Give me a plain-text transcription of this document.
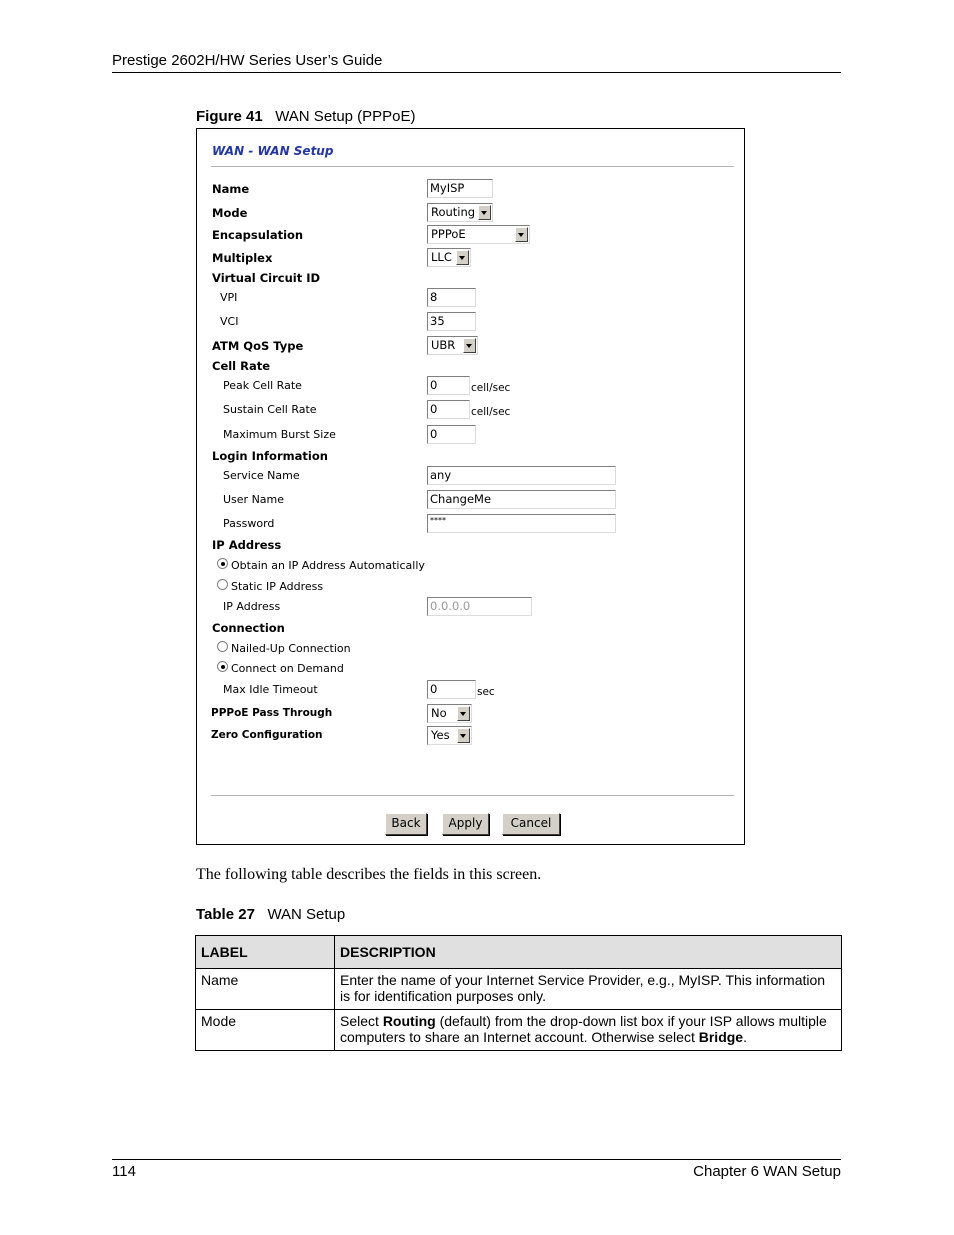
Prestige 2602H/HW Series User’s Guide
Figure 41 WAN Setup (PPPoE)
WAN - WAN Setup
Name	MyISP
Mode	Routing
Encapsulation	PPPoE
Multiplex	LLC
Virtual Circuit ID
VPI	8
VCI	35
ATM QoS Type	UBR
Cell Rate
Peak Cell Rate	0	cell/sec
Sustain Cell Rate	0	cell/sec
Maximum Burst Size	0
Login Information
Service Name	any
User Name	ChangeMe
Password	****
IP Address
Obtain an IP Address Automatically
Static IP Address
IP Address	0.0.0.0
Connection
Nailed-Up Connection
Connect on Demand
Max Idle Timeout	0	sec
PPPoE Pass Through	No
Zero Configuration	Yes
Back	Apply	Cancel
The following table describes the fields in this screen.
Table 27 WAN Setup
LABEL	DESCRIPTION
Name	Enter the name of your Internet Service Provider, e.g., MyISP. This information is for identification purposes only.
Mode	Select Routing (default) from the drop-down list box if your ISP allows multiple computers to share an Internet account. Otherwise select Bridge.
114	Chapter 6 WAN Setup
